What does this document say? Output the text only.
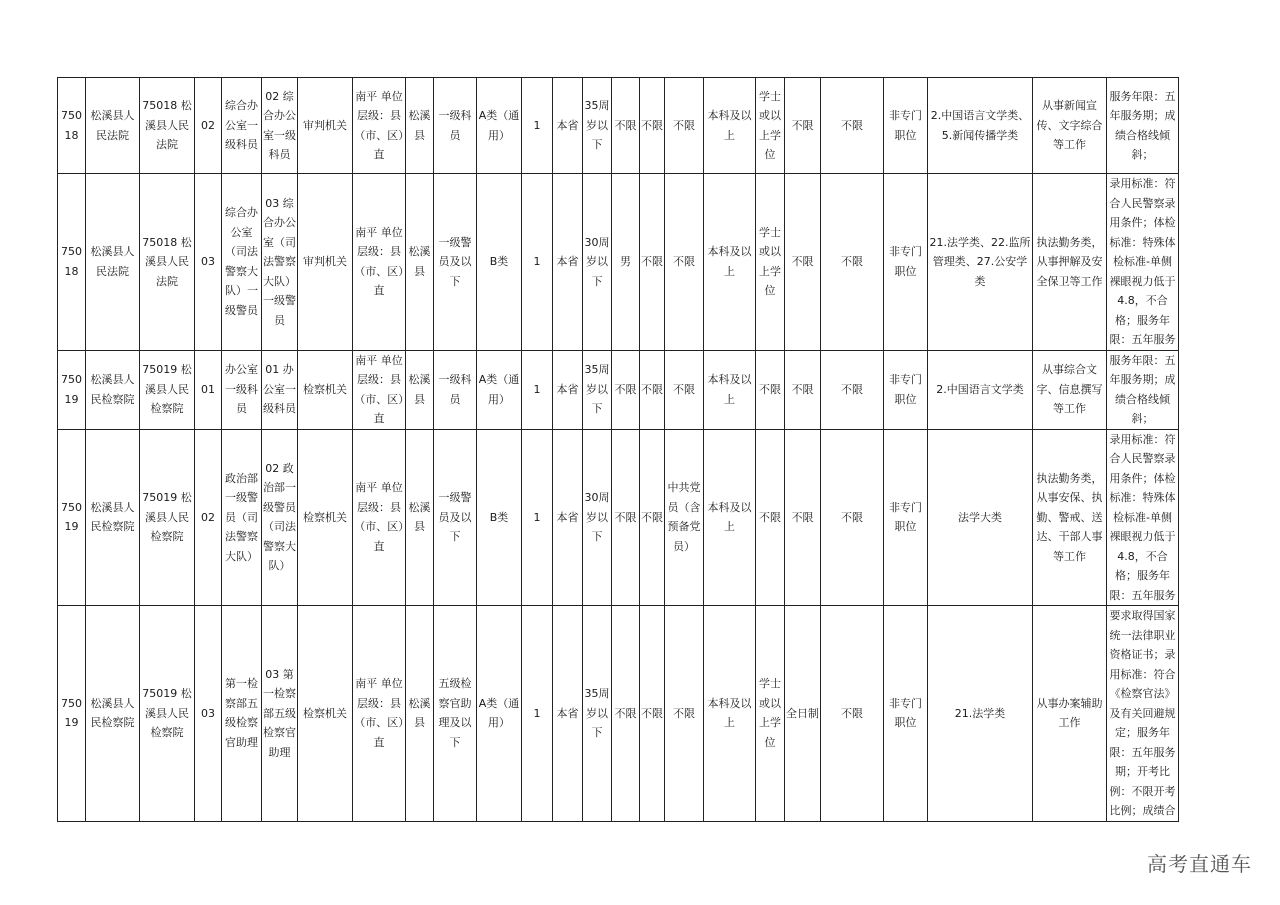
75018	松溪县人民法院	75018 松溪县人民法院	02	综合办公室一级科员	02 综合办公室一级科员	审判机关	南平 单位层级：县（市、区）直	松溪县	一级科员	A类（通用）	1	本省	35周岁以下	不限	不限	不限	本科及以上	学士或以上学位	不限	不限	非专门职位	2.中国语言文学类、5.新闻传播学类	从事新闻宣传、文字综合等工作	服务年限：五年服务期；成绩合格线倾斜；
75018	松溪县人民法院	75018 松溪县人民法院	03	综合办公室（司法警察大队）一级警员	03 综合办公室（司法警察大队）一级警员	审判机关	南平 单位层级：县（市、区）直	松溪县	一级警员及以下	B类	1	本省	30周岁以下	男	不限	不限	本科及以上	学士或以上学位	不限	不限	非专门职位	21.法学类、22.监所管理类、27.公安学类	执法勤务类，从事押解及安全保卫等工作	录用标准：符合人民警察录用条件；体检标准：特殊体检标准-单侧裸眼视力低于4.8，不合格；服务年限：五年服务
75019	松溪县人民检察院	75019 松溪县人民检察院	01	办公室一级科员	01 办公室一级科员	检察机关	南平 单位层级：县（市、区）直	松溪县	一级科员	A类（通用）	1	本省	35周岁以下	不限	不限	不限	本科及以上	不限	不限	不限	非专门职位	2.中国语言文学类	从事综合文字、信息撰写等工作	服务年限：五年服务期；成绩合格线倾斜；
75019	松溪县人民检察院	75019 松溪县人民检察院	02	政治部一级警员（司法警察大队）	02 政治部一级警员（司法警察大队）	检察机关	南平 单位层级：县（市、区）直	松溪县	一级警员及以下	B类	1	本省	30周岁以下	不限	不限	中共党员（含预备党员）	本科及以上	不限	不限	不限	非专门职位	法学大类	执法勤务类，从事安保、执勤、警戒、送达、干部人事等工作	录用标准：符合人民警察录用条件；体检标准：特殊体检标准-单侧裸眼视力低于4.8，不合格；服务年限：五年服务
75019	松溪县人民检察院	75019 松溪县人民检察院	03	第一检察部五级检察官助理	03 第一检察部五级检察官助理	检察机关	南平 单位层级：县（市、区）直	松溪县	五级检察官助理及以下	A类（通用）	1	本省	35周岁以下	不限	不限	不限	本科及以上	学士或以上学位	全日制	不限	非专门职位	21.法学类	从事办案辅助工作	要求取得国家统一法律职业资格证书；录用标准：符合《检察官法》及有关回避规定；服务年限：五年服务期；开考比例：不限开考比例；成绩合
高考直通车
